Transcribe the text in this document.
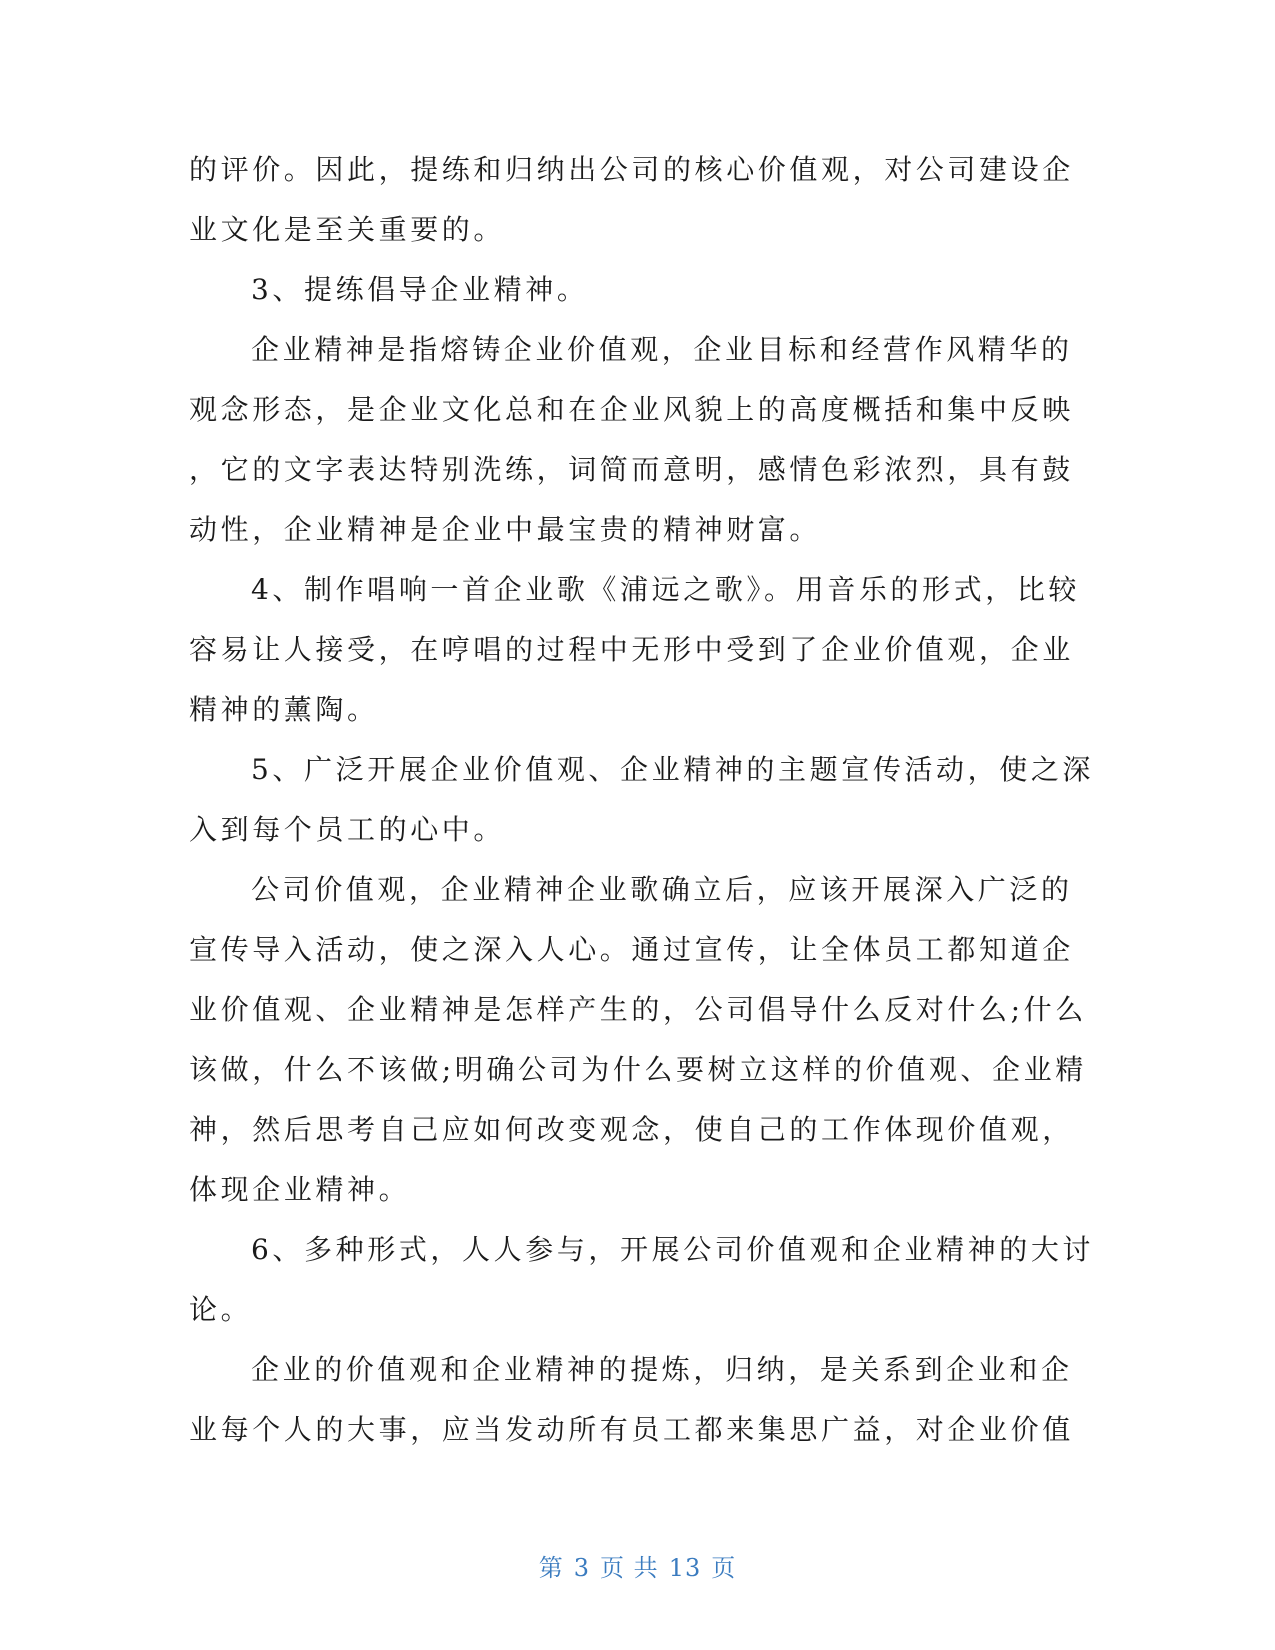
的评价。因此，提练和归纳出公司的核心价值观，对公司建设企
业文化是至关重要的。
3、提练倡导企业精神。
企业精神是指熔铸企业价值观，企业目标和经营作风精华的
观念形态，是企业文化总和在企业风貌上的高度概括和集中反映
，它的文字表达特别洗练，词简而意明，感情色彩浓烈，具有鼓
动性，企业精神是企业中最宝贵的精神财富。
4、制作唱响一首企业歌《浦远之歌》。用音乐的形式，比较
容易让人接受，在哼唱的过程中无形中受到了企业价值观，企业
精神的薰陶。
5、广泛开展企业价值观、企业精神的主题宣传活动，使之深
入到每个员工的心中。
公司价值观，企业精神企业歌确立后，应该开展深入广泛的
宣传导入活动，使之深入人心。通过宣传，让全体员工都知道企
业价值观、企业精神是怎样产生的，公司倡导什么反对什么;什么
该做，什么不该做;明确公司为什么要树立这样的价值观、企业精
神，然后思考自己应如何改变观念，使自己的工作体现价值观，
体现企业精神。
6、多种形式，人人参与，开展公司价值观和企业精神的大讨
论。
企业的价值观和企业精神的提炼，归纳，是关系到企业和企
业每个人的大事，应当发动所有员工都来集思广益，对企业价值
第 3 页 共 13 页
